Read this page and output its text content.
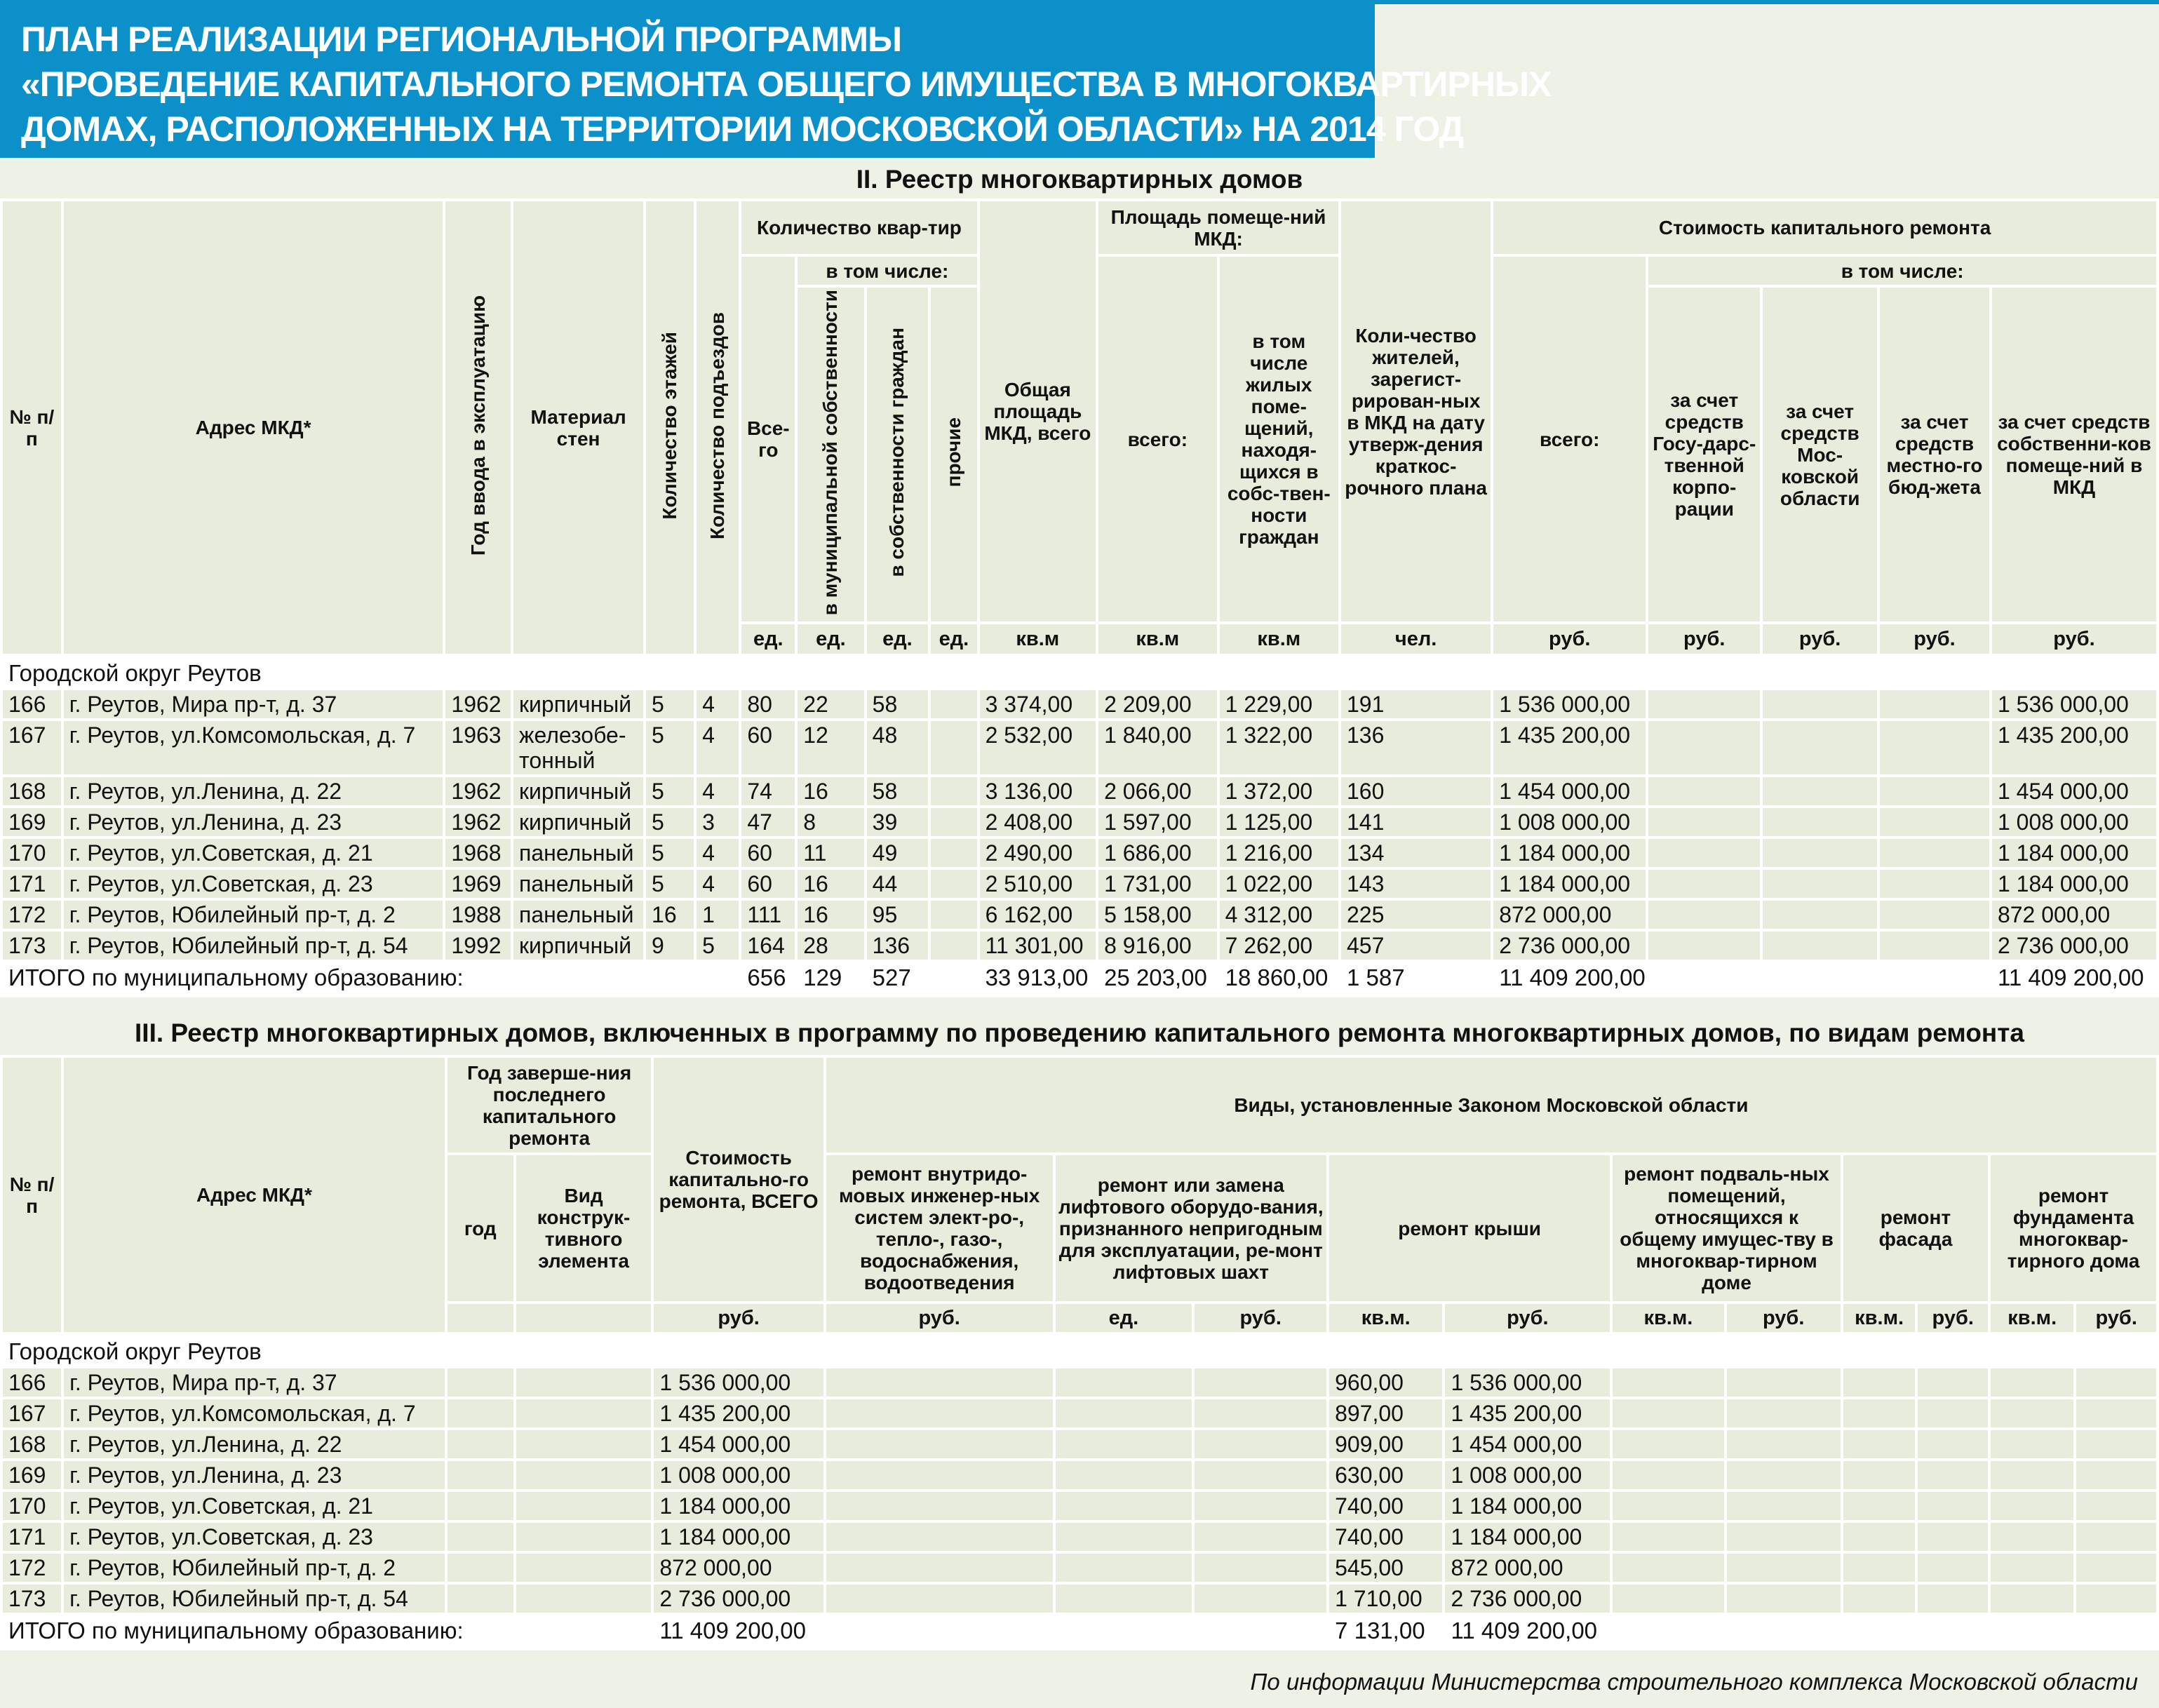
ПЛАН РЕАЛИЗАЦИИ РЕГИОНАЛЬНОЙ ПРОГРАММЫ
«ПРОВЕДЕНИЕ КАПИТАЛЬНОГО РЕМОНТА ОБЩЕГО ИМУЩЕСТВА В МНОГОКВАРТИРНЫХ
ДОМАХ, РАСПОЛОЖЕННЫХ НА ТЕРРИТОРИИ МОСКОВСКОЙ ОБЛАСТИ» НА 2014 ГОД
II. Реестр многоквартирных домов
№ п/п	Адрес МКД*	Год ввода в эксплуатацию	Материал стен	Количество этажей	Количество подъездов	Количество квар-тир				Общая площадь МКД, всего	Площадь помеще-ний МКД:		Коли-чество жителей, зарегист-рирован-ных в МКД на дату утверж-дения краткос-рочного плана	Стоимость капитального ремонта				
						Все-го	в том числе:				всего:	в том числе жилых поме-щений, находя-щихся в собс-твен-ности граждан		всего:	в том числе:			
							в муниципальной собственности	в собственности граждан	прочие						за счет средств Госу-дарс-твенной корпо-рации	за счет средств Мос-ковской области	за счет средств местно-го бюд-жета	за счет средств собственни-ков помеще-ний в МКД
						ед.	ед.	ед.	ед.	кв.м	кв.м	кв.м	чел.	руб.	руб.	руб.	руб.	руб.
Городской округ Реутов																		
166	г. Реутов, Мира пр-т, д. 37	1962	кирпичный	5	4	80	22	58		3 374,00	2 209,00	1 229,00	191	1 536 000,00				1 536 000,00
167	г. Реутов, ул.Комсомольская, д. 7	1963	железобе-тонный	5	4	60	12	48		2 532,00	1 840,00	1 322,00	136	1 435 200,00				1 435 200,00
168	г. Реутов, ул.Ленина, д. 22	1962	кирпичный	5	4	74	16	58		3 136,00	2 066,00	1 372,00	160	1 454 000,00				1 454 000,00
169	г. Реутов, ул.Ленина, д. 23	1962	кирпичный	5	3	47	8	39		2 408,00	1 597,00	1 125,00	141	1 008 000,00				1 008 000,00
170	г. Реутов, ул.Советская, д. 21	1968	панельный	5	4	60	11	49		2 490,00	1 686,00	1 216,00	134	1 184 000,00				1 184 000,00
171	г. Реутов, ул.Советская, д. 23	1969	панельный	5	4	60	16	44		2 510,00	1 731,00	1 022,00	143	1 184 000,00				1 184 000,00
172	г. Реутов, Юбилейный пр-т, д. 2	1988	панельный	16	1	111	16	95		6 162,00	5 158,00	4 312,00	225	872 000,00				872 000,00
173	г. Реутов, Юбилейный пр-т, д. 54	1992	кирпичный	9	5	164	28	136		11 301,00	8 916,00	7 262,00	457	2 736 000,00				2 736 000,00
ИТОГО по муниципальному образованию:						656	129	527		33 913,00	25 203,00	18 860,00	1 587	11 409 200,00				11 409 200,00
III. Реестр многоквартирных домов, включенных в программу по проведению капитального ремонта многоквартирных домов, по видам ремонта
№ п/п	Адрес МКД*	Год заверше-ния последнего капитального ремонта		Стоимость капитально-го ремонта, ВСЕГО	Виды, установленные Законом Московской области										
		год	Вид конструк-тивного элемента		ремонт внутридо-мовых инженер-ных систем элект-ро-, тепло-, газо-, водоснабжения, водоотведения	ремонт или замена лифтового оборудо-вания, признанного непригодным для эксплуатации, ре-монт лифтовых шахт		ремонт крыши		ремонт подваль-ных помещений, относящихся к общему имущес-тву в многоквар-тирном доме		ремонт фасада		ремонт фундамента многоквар-тирного дома	
				руб.	руб.	ед.	руб.	кв.м.	руб.	кв.м.	руб.	кв.м.	руб.	кв.м.	руб.
Городской округ Реутов															
166	г. Реутов, Мира пр-т, д. 37			1 536 000,00				960,00	1 536 000,00						
167	г. Реутов, ул.Комсомольская, д. 7			1 435 200,00				897,00	1 435 200,00						
168	г. Реутов, ул.Ленина, д. 22			1 454 000,00				909,00	1 454 000,00						
169	г. Реутов, ул.Ленина, д. 23			1 008 000,00				630,00	1 008 000,00						
170	г. Реутов, ул.Советская, д. 21			1 184 000,00				740,00	1 184 000,00						
171	г. Реутов, ул.Советская, д. 23			1 184 000,00				740,00	1 184 000,00						
172	г. Реутов, Юбилейный пр-т, д. 2			872 000,00				545,00	872 000,00						
173	г. Реутов, Юбилейный пр-т, д. 54			2 736 000,00				1 710,00	2 736 000,00						
ИТОГО по муниципальному образованию:				11 409 200,00				7 131,00	11 409 200,00						
По информации Министерства строительного комплекса Московской области
